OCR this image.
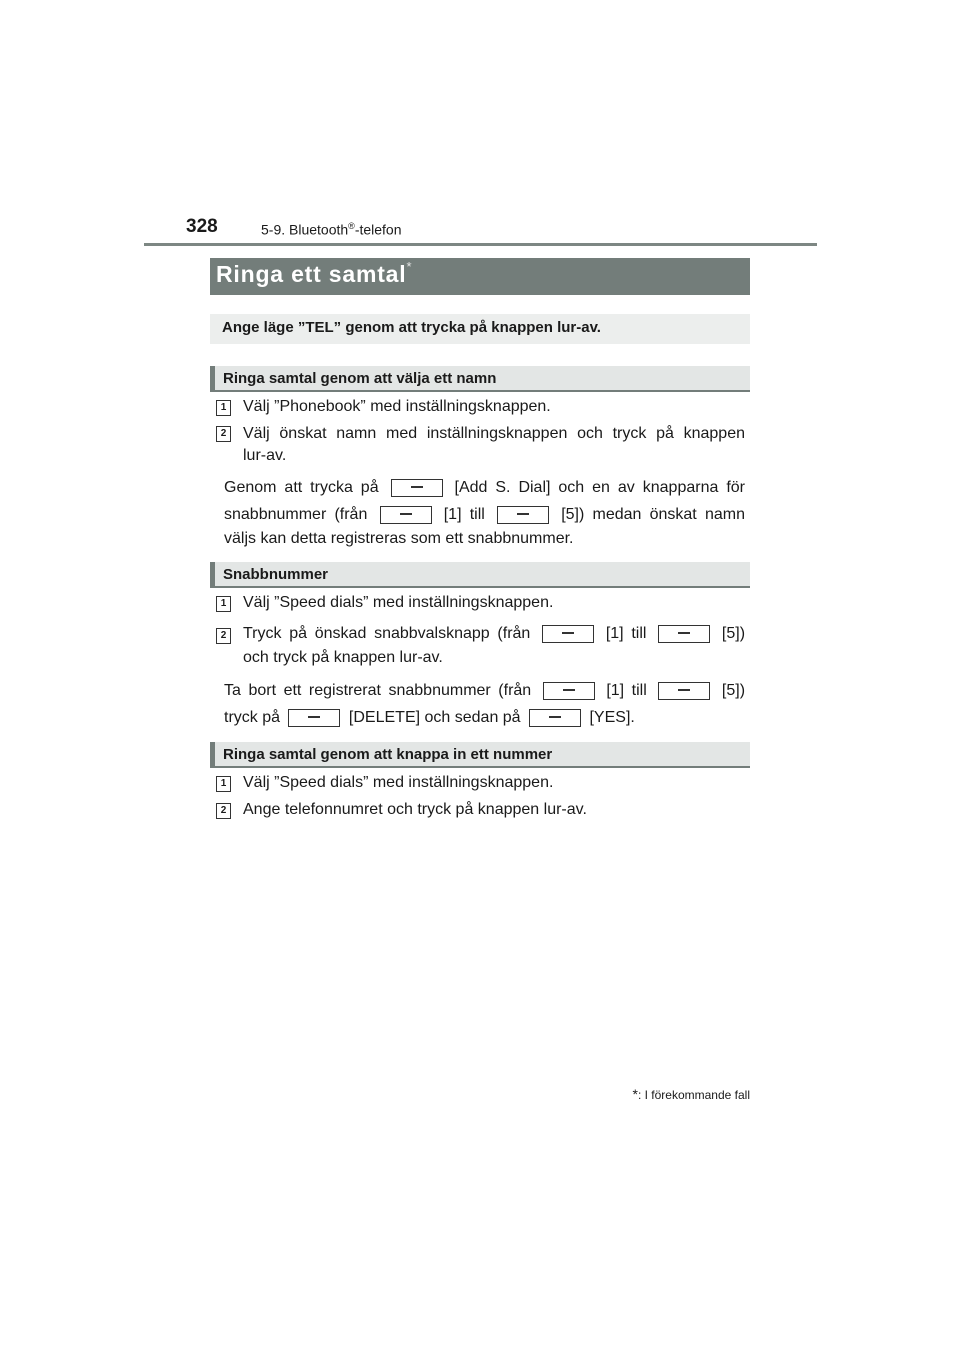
328	5-9. Bluetooth®-telefon
Ringa ett samtal*
Ange läge ”TEL” genom att trycka på knappen lur-av.
Ringa samtal genom att välja ett namn
1 Välj ”Phonebook” med inställningsknappen.
2 Välj önskat namn med inställningsknappen och tryck på knappen
lur-av.
Genom att trycka på	[Add S. Dial] och en av knapparna för
snabbnummer (från	[1] till	[5]) medan önskat namn
väljs kan detta registreras som ett snabbnummer.
Snabbnummer
1 Välj ”Speed dials” med inställningsknappen.
2 Tryck på önskad snabbvalsknapp (från	[1] till	[5])
och tryck på knappen lur-av.
Ta bort ett registrerat snabbnummer (från	[1] till	[5])
tryck på	[DELETE] och sedan på	[YES].
Ringa samtal genom att knappa in ett nummer
1 Välj ”Speed dials” med inställningsknappen.
2 Ange telefonnumret och tryck på knappen lur-av.
*: I förekommande fall
